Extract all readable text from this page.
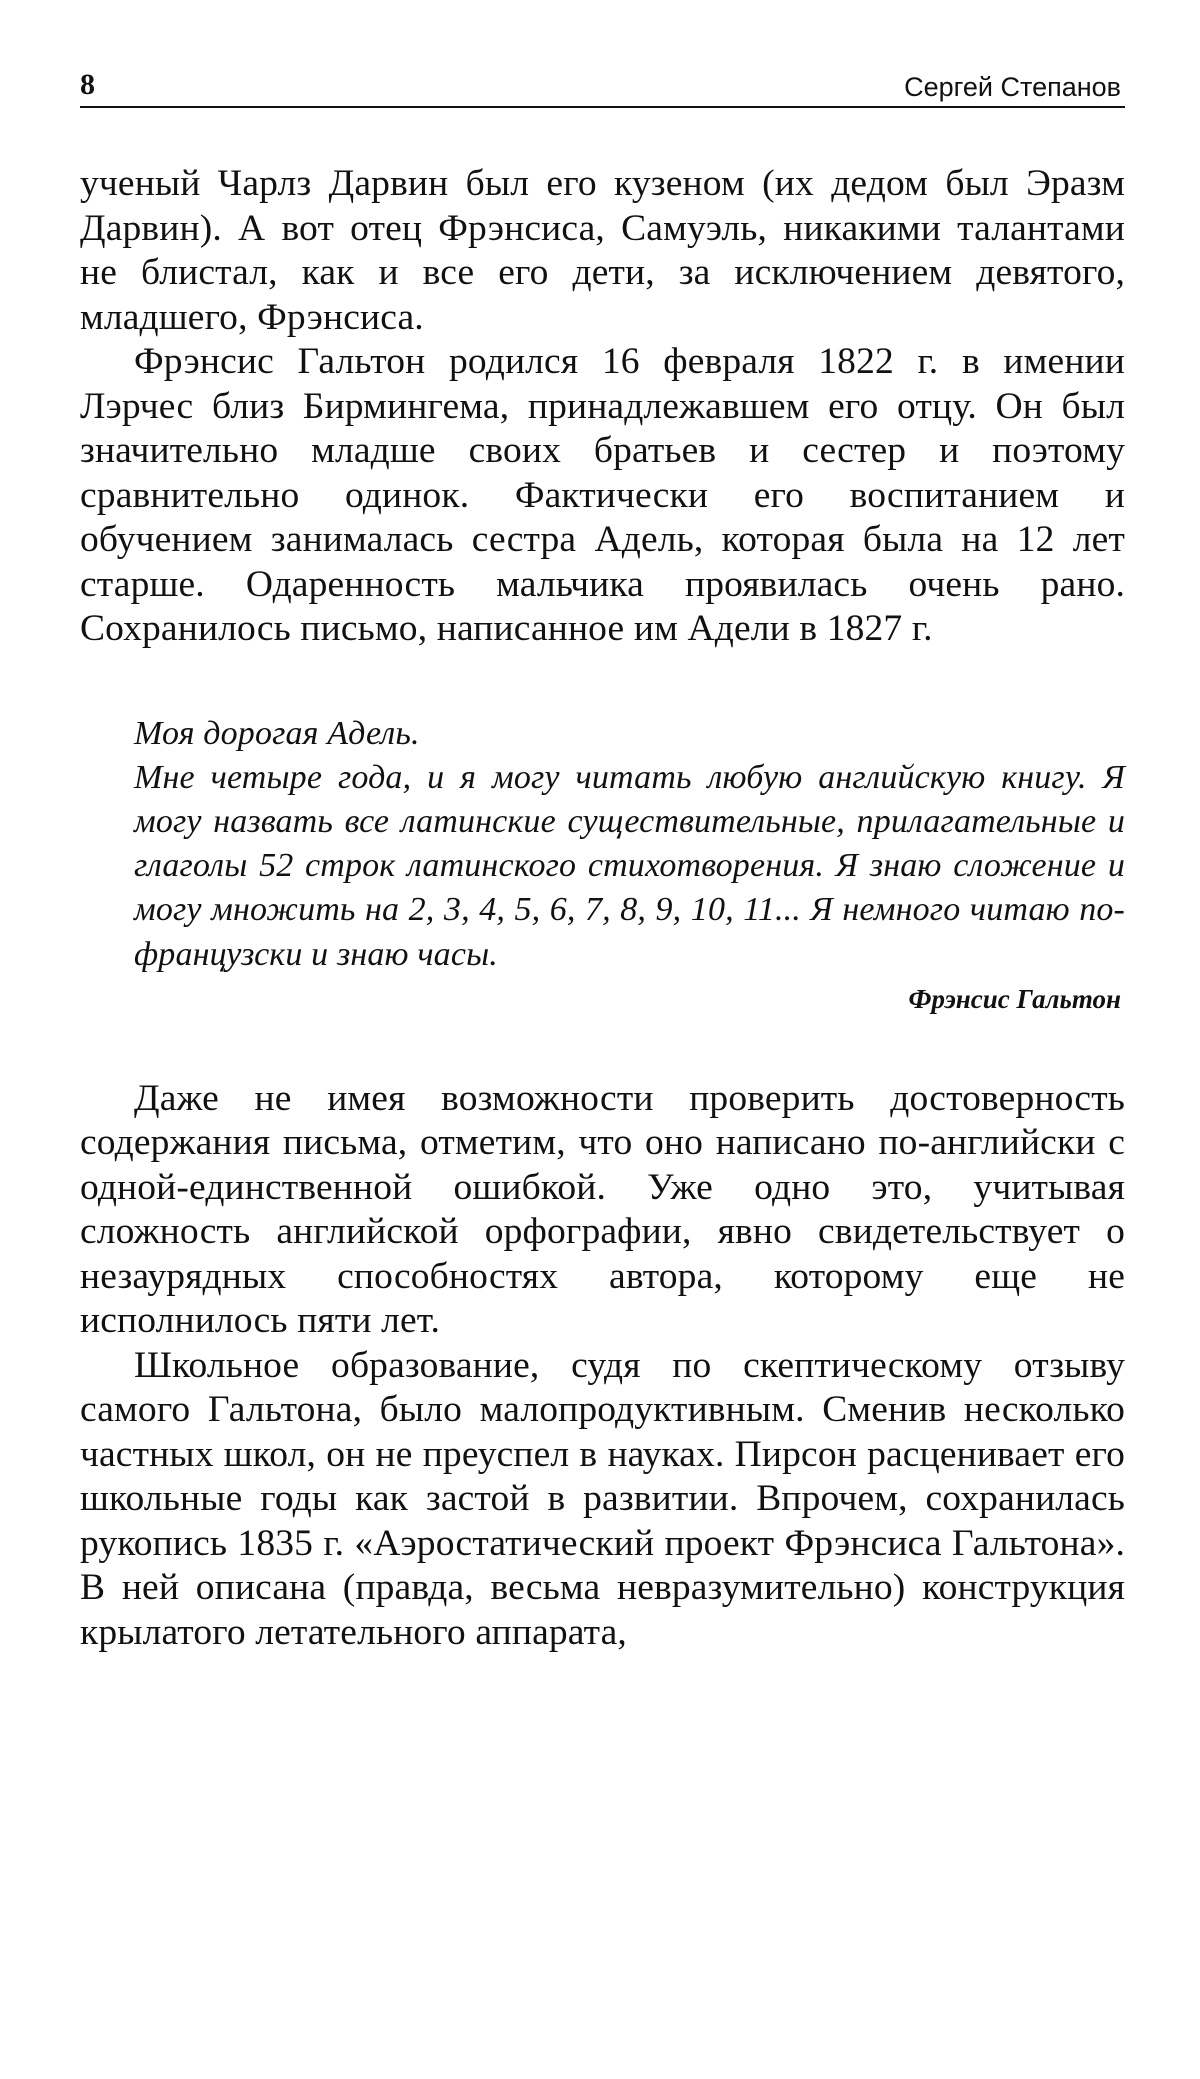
8	Сергей Степанов

ученый Чарлз Дарвин был его кузеном (их дедом был Эразм Дарвин). А вот отец Фрэнсиса, Самуэль, никакими талантами не блистал, как и все его дети, за исключением девятого, младшего, Фрэнсиса.

Фрэнсис Гальтон родился 16 февраля 1822 г. в имении Лэрчес близ Бирмингема, принадлежавшем его отцу. Он был значительно младше своих братьев и сестер и поэтому сравнительно одинок. Фактически его воспитанием и обучением занималась сестра Адель, которая была на 12 лет старше. Одаренность мальчика проявилась очень рано. Сохранилось письмо, написанное им Адели в 1827 г.

Моя дорогая Адель.

Мне четыре года, и я могу читать любую английскую книгу. Я могу назвать все латинские существительные, прилагательные и глаголы 52 строк латинского стихотворения. Я знаю сложение и могу множить на 2, 3, 4, 5, 6, 7, 8, 9, 10, 11... Я немного читаю по-французски и знаю часы.

Фрэнсис Гальтон

Даже не имея возможности проверить достоверность содержания письма, отметим, что оно написано по-английски с одной-единственной ошибкой. Уже одно это, учитывая сложность английской орфографии, явно свидетельствует о незаурядных способностях автора, которому еще не исполнилось пяти лет.

Школьное образование, судя по скептическому отзыву самого Гальтона, было малопродуктивным. Сменив несколько частных школ, он не преуспел в науках. Пирсон расценивает его школьные годы как застой в развитии. Впрочем, сохранилась рукопись 1835 г. «Аэростатический проект Фрэнсиса Гальтона». В ней описана (правда, весьма невразумительно) конструкция крылатого летательного аппарата,
